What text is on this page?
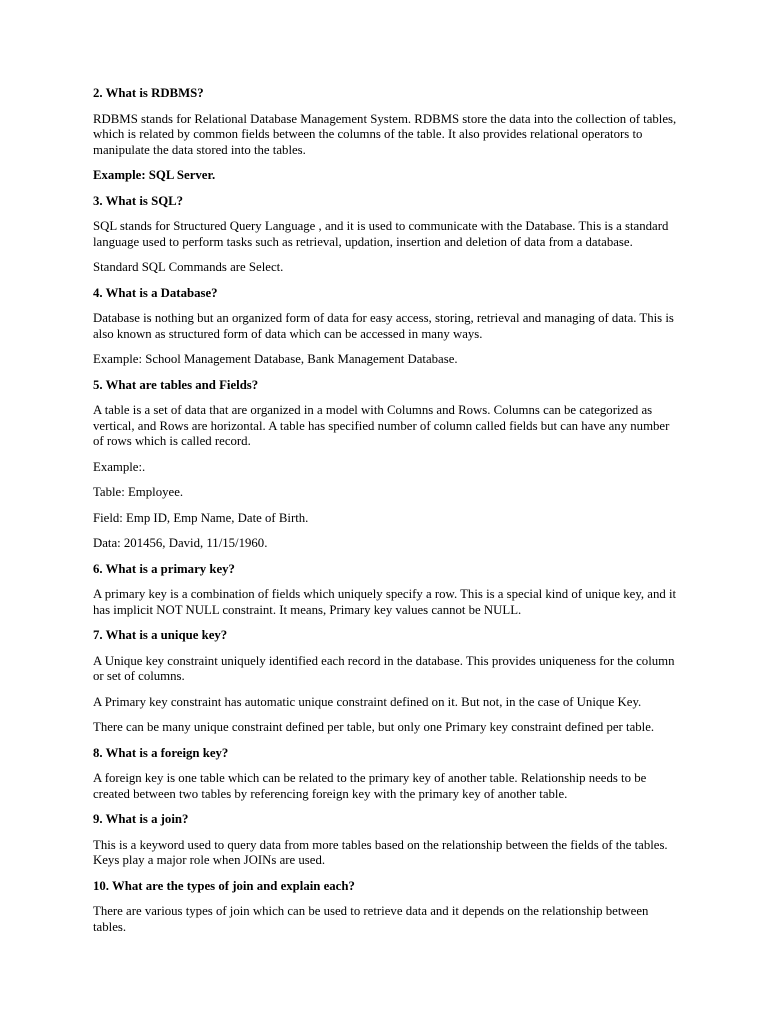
2. What is RDBMS?
RDBMS stands for Relational Database Management System. RDBMS store the data into the collection of tables, which is related by common fields between the columns of the table. It also provides relational operators to manipulate the data stored into the tables.
Example: SQL Server.
3. What is SQL?
SQL stands for Structured Query Language , and it is used to communicate with the Database. This is a standard language used to perform tasks such as retrieval, updation, insertion and deletion of data from a database.
Standard SQL Commands are Select.
4. What is a Database?
Database is nothing but an organized form of data for easy access, storing, retrieval and managing of data. This is also known as structured form of data which can be accessed in many ways.
Example: School Management Database, Bank Management Database.
5. What are tables and Fields?
A table is a set of data that are organized in a model with Columns and Rows. Columns can be categorized as vertical, and Rows are horizontal. A table has specified number of column called fields but can have any number of rows which is called record.
Example:.
Table: Employee.
Field: Emp ID, Emp Name, Date of Birth.
Data: 201456, David, 11/15/1960.
6. What is a primary key?
A primary key is a combination of fields which uniquely specify a row. This is a special kind of unique key, and it has implicit NOT NULL constraint. It means, Primary key values cannot be NULL.
7. What is a unique key?
A Unique key constraint uniquely identified each record in the database. This provides uniqueness for the column or set of columns.
A Primary key constraint has automatic unique constraint defined on it. But not, in the case of Unique Key.
There can be many unique constraint defined per table, but only one Primary key constraint defined per table.
8. What is a foreign key?
A foreign key is one table which can be related to the primary key of another table. Relationship needs to be created between two tables by referencing foreign key with the primary key of another table.
9. What is a join?
This is a keyword used to query data from more tables based on the relationship between the fields of the tables. Keys play a major role when JOINs are used.
10. What are the types of join and explain each?
There are various types of join which can be used to retrieve data and it depends on the relationship between tables.
